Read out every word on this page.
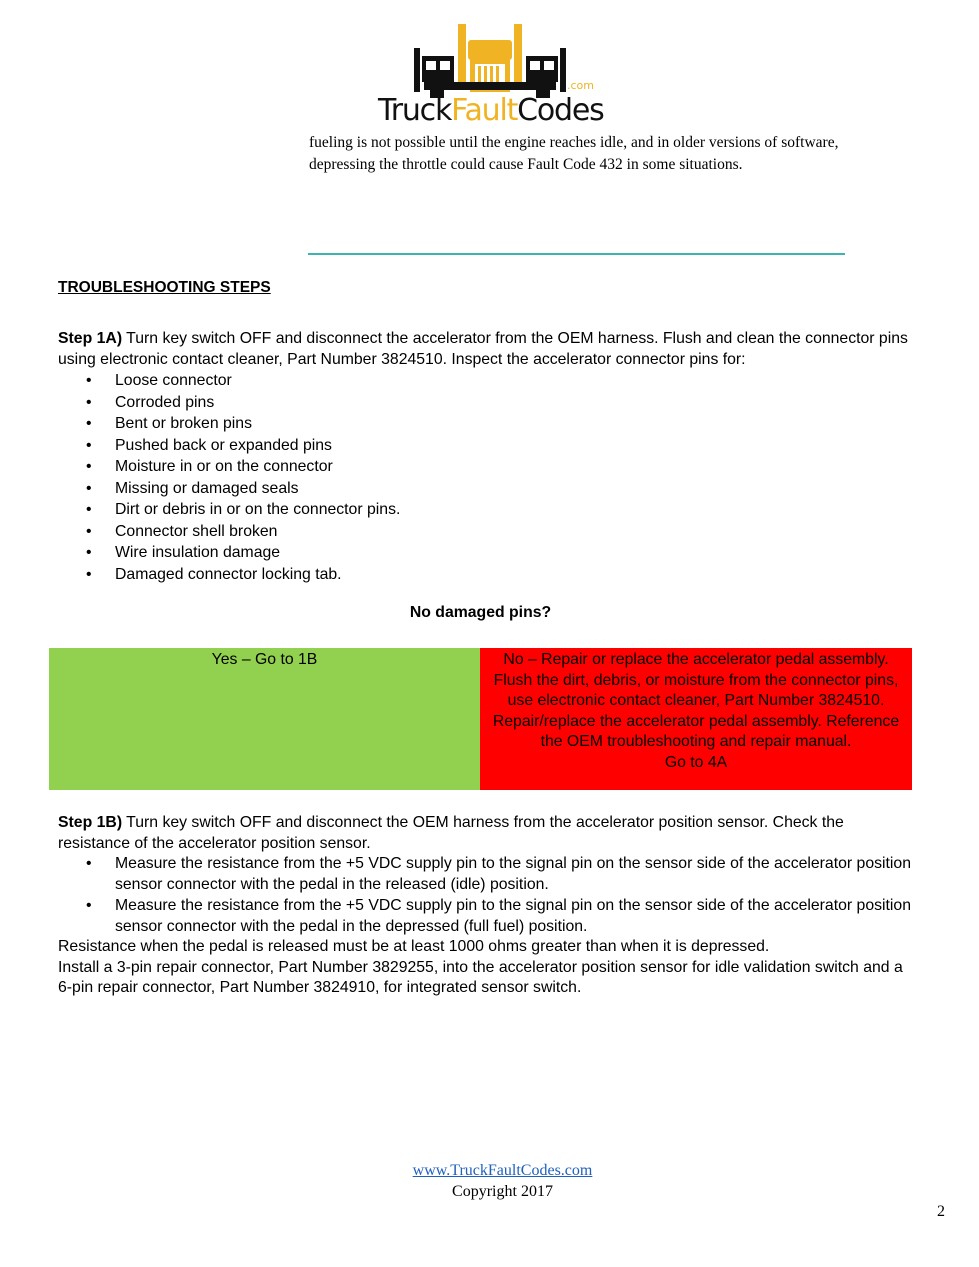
.com
TruckFaultCodes
fueling is not possible until the engine reaches idle, and in older versions of software, depressing the throttle could cause Fault Code 432 in some situations.
TROUBLESHOOTING STEPS
Step 1A) Turn key switch OFF and disconnect the accelerator from the OEM harness. Flush and clean the connector pins using electronic contact cleaner, Part Number 3824510. Inspect the accelerator connector pins for:
• Loose connector
• Corroded pins
• Bent or broken pins
• Pushed back or expanded pins
• Moisture in or on the connector
• Missing or damaged seals
• Dirt or debris in or on the connector pins.
• Connector shell broken
• Wire insulation damage
• Damaged connector locking tab.
No damaged pins?
Yes – Go to 1B	No – Repair or replace the accelerator pedal assembly. Flush the dirt, debris, or moisture from the connector pins, use electronic contact cleaner, Part Number 3824510. Repair/replace the accelerator pedal assembly. Reference the OEM troubleshooting and repair manual.
Go to 4A
Step 1B) Turn key switch OFF and disconnect the OEM harness from the accelerator position sensor. Check the resistance of the accelerator position sensor.
• Measure the resistance from the +5 VDC supply pin to the signal pin on the sensor side of the accelerator position sensor connector with the pedal in the released (idle) position.
• Measure the resistance from the +5 VDC supply pin to the signal pin on the sensor side of the accelerator position sensor connector with the pedal in the depressed (full fuel) position.
Resistance when the pedal is released must be at least 1000 ohms greater than when it is depressed.
Install a 3-pin repair connector, Part Number 3829255, into the accelerator position sensor for idle validation switch and a 6-pin repair connector, Part Number 3824910, for integrated sensor switch.
www.TruckFaultCodes.com
Copyright 2017
2
